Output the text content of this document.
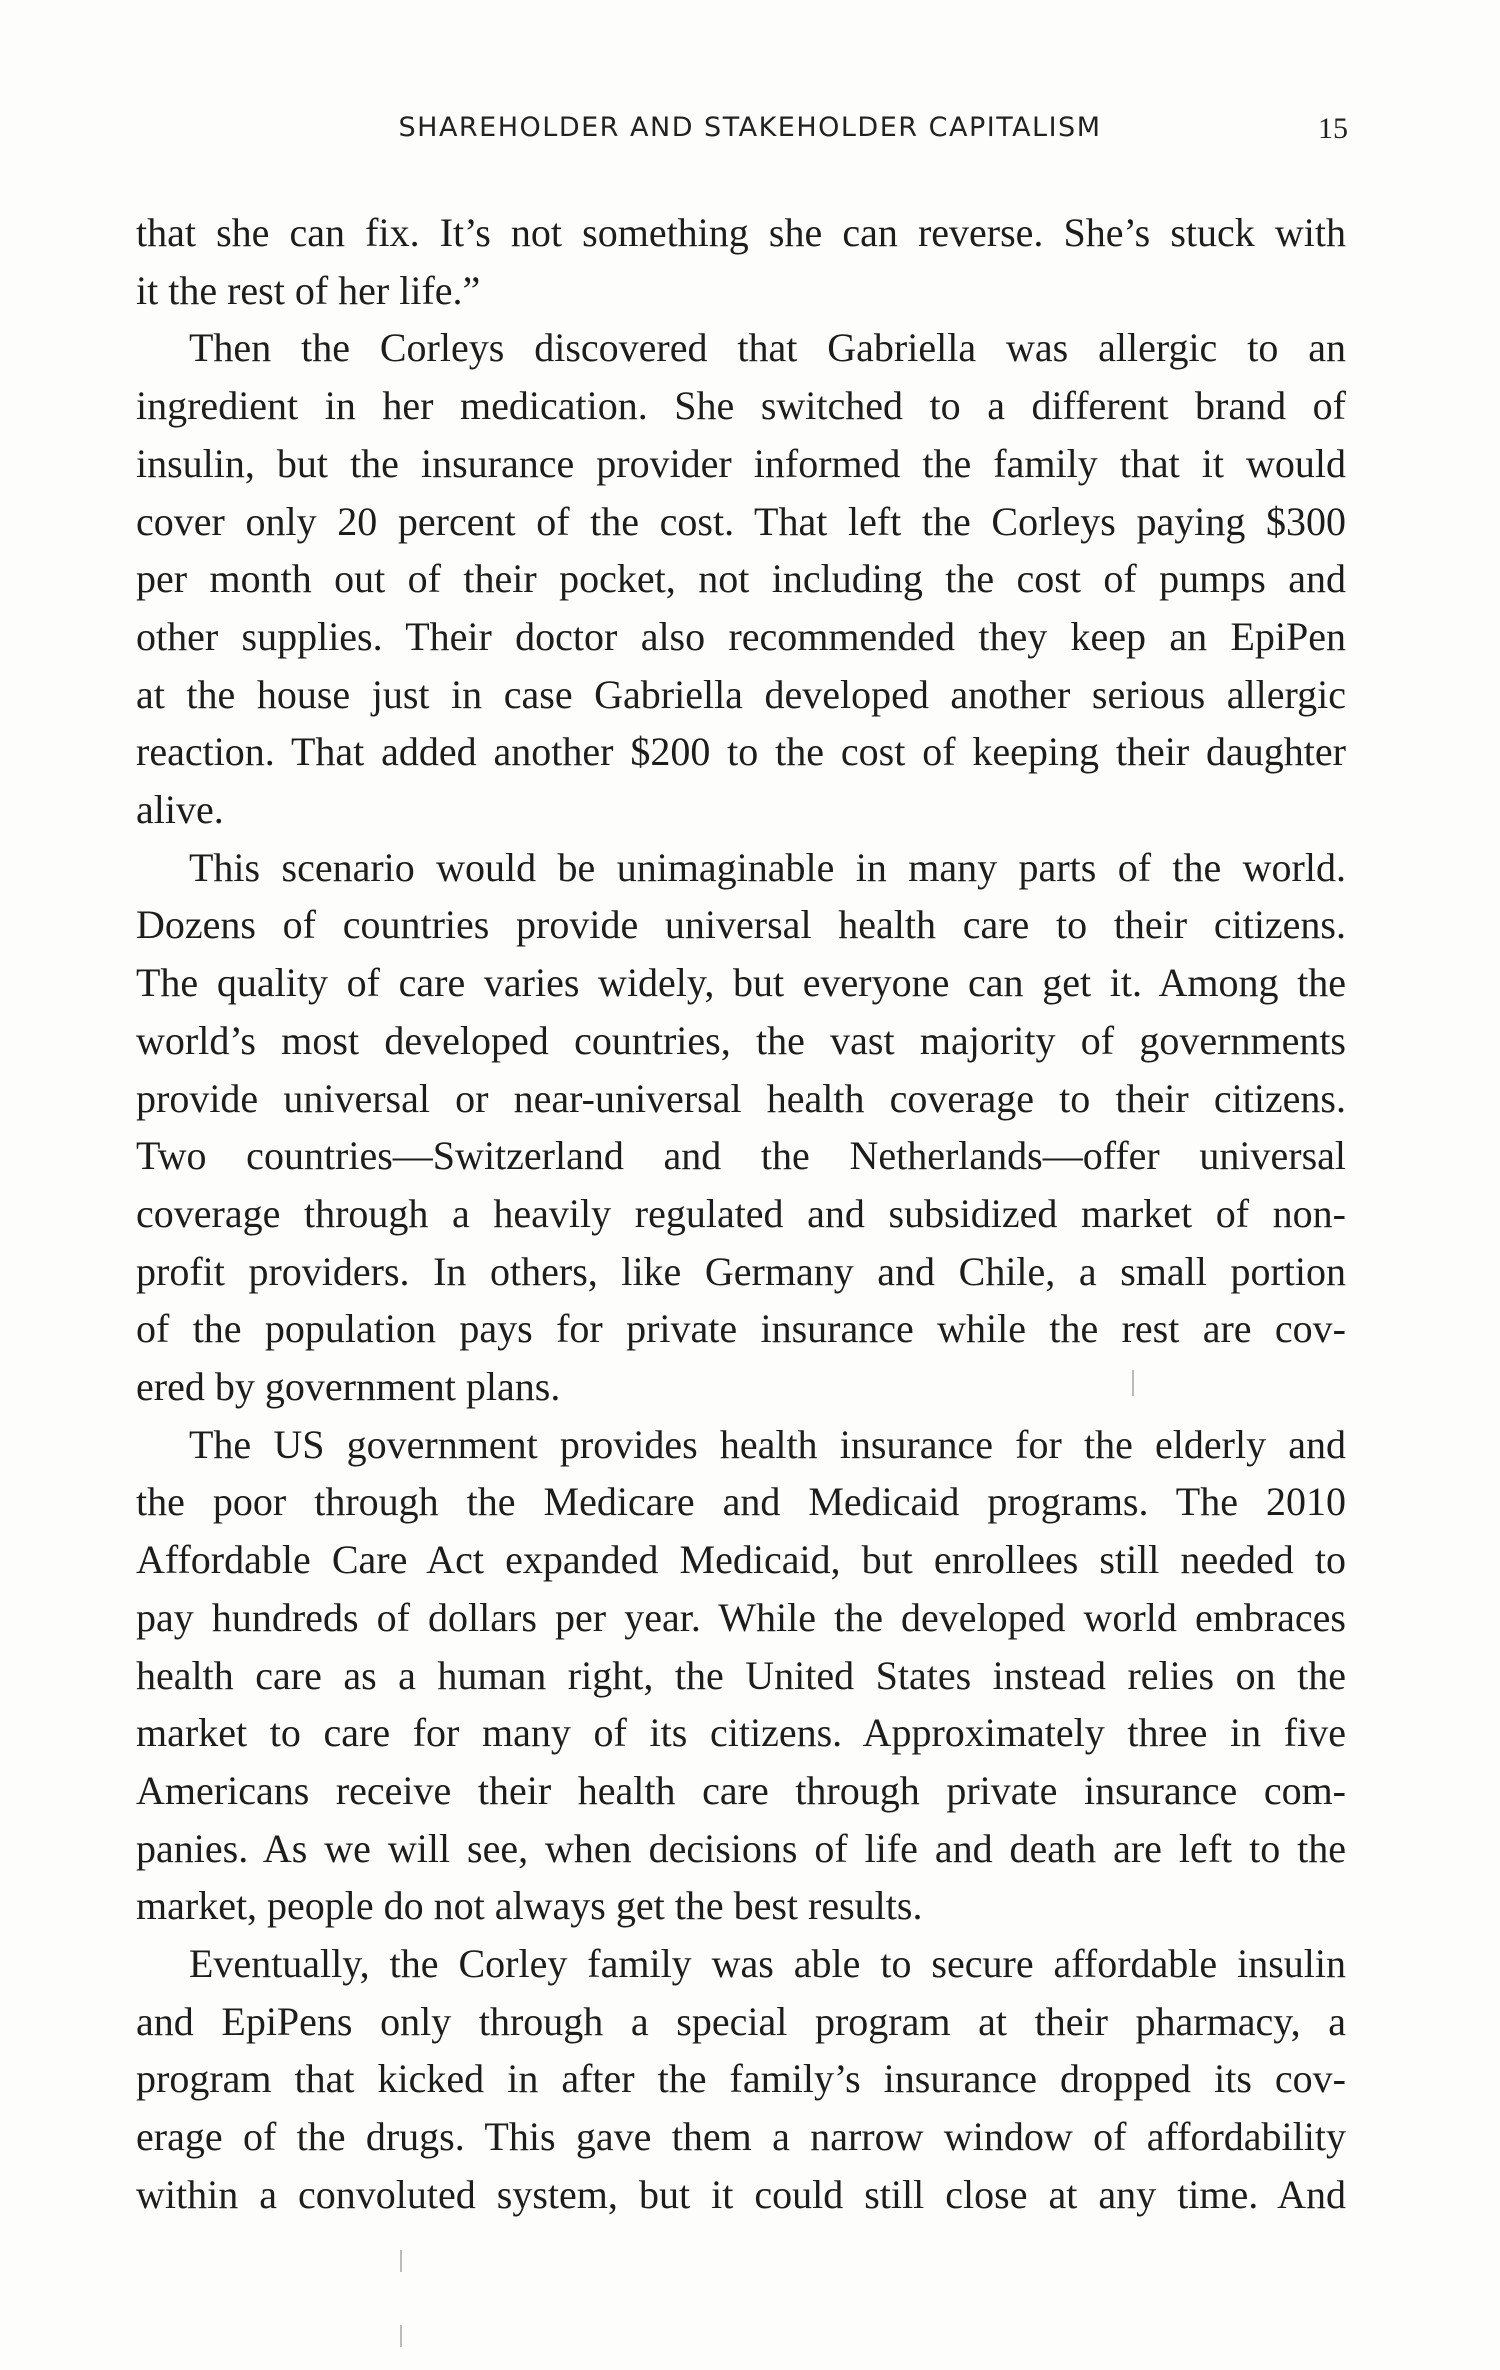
SHAREHOLDER AND STAKEHOLDER CAPITALISM	15
that she can fix. It’s not something she can reverse. She’s stuck with
it the rest of her life.”
Then the Corleys discovered that Gabriella was allergic to an
ingredient in her medication. She switched to a different brand of
insulin, but the insurance provider informed the family that it would
cover only 20 percent of the cost. That left the Corleys paying $300
per month out of their pocket, not including the cost of pumps and
other supplies. Their doctor also recommended they keep an EpiPen
at the house just in case Gabriella developed another serious allergic
reaction. That added another $200 to the cost of keeping their daughter
alive.
This scenario would be unimaginable in many parts of the world.
Dozens of countries provide universal health care to their citizens.
The quality of care varies widely, but everyone can get it. Among the
world’s most developed countries, the vast majority of governments
provide universal or near-universal health coverage to their citizens.
Two countries—Switzerland and the Netherlands—offer universal
coverage through a heavily regulated and subsidized market of non-
profit providers. In others, like Germany and Chile, a small portion
of the population pays for private insurance while the rest are cov-
ered by government plans.
The US government provides health insurance for the elderly and
the poor through the Medicare and Medicaid programs. The 2010
Affordable Care Act expanded Medicaid, but enrollees still needed to
pay hundreds of dollars per year. While the developed world embraces
health care as a human right, the United States instead relies on the
market to care for many of its citizens. Approximately three in five
Americans receive their health care through private insurance com-
panies. As we will see, when decisions of life and death are left to the
market, people do not always get the best results.
Eventually, the Corley family was able to secure affordable insulin
and EpiPens only through a special program at their pharmacy, a
program that kicked in after the family’s insurance dropped its cov-
erage of the drugs. This gave them a narrow window of affordability
within a convoluted system, but it could still close at any time. And
